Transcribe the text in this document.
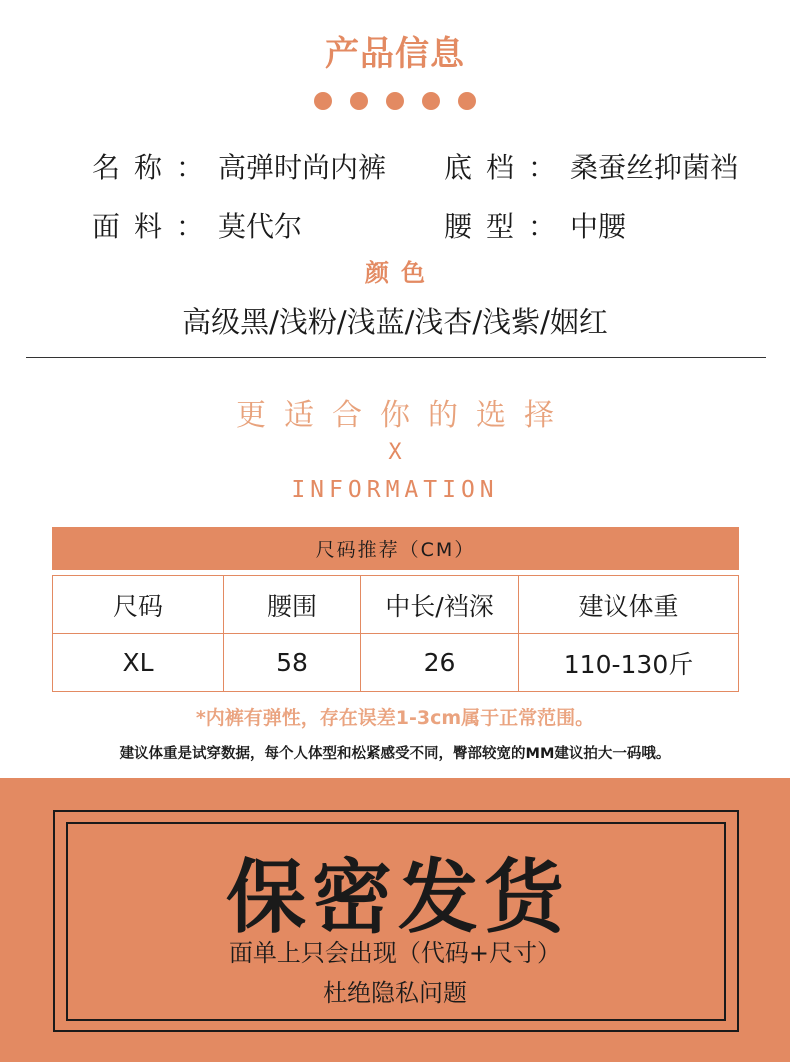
产品信息
名称：高弹时尚内裤 底档：桑蚕丝抑菌裆
面料：莫代尔	腰型：中腰
颜色
高级黑/浅粉/浅蓝/浅杏/浅紫/姻红
更适合你的选择
X
INFORMATION
尺码推荐（CM）
尺码	腰围	中长/裆深	建议体重
XL	58	26	110-130斤
*内裤有弹性，存在误差1-3cm属于正常范围。
建议体重是试穿数据，每个人体型和松紧感受不同，臀部较宽的MM建议拍大一码哦。
保密发货
面单上只会出现（代码+尺寸）
杜绝隐私问题
